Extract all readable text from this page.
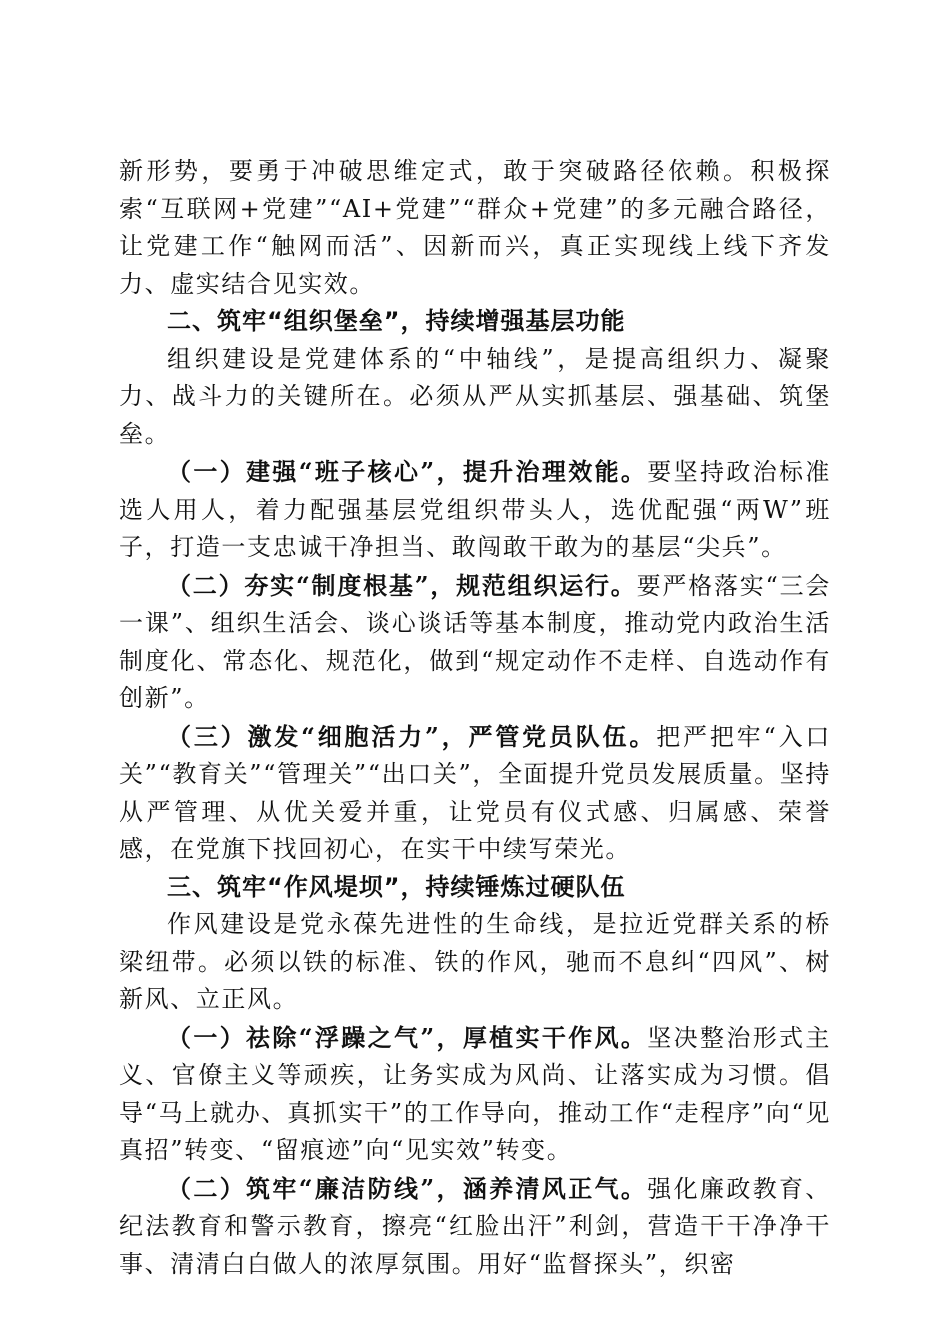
新形势，要勇于冲破思维定式，敢于突破路径依赖。积极探索“互联网+党建”“AI+党建”“群众+党建”的多元融合路径，让党建工作“触网而活”、因新而兴，真正实现线上线下齐发力、虚实结合见实效。

二、筑牢“组织堡垒”，持续增强基层功能

组织建设是党建体系的“中轴线”，是提高组织力、凝聚力、战斗力的关键所在。必须从严从实抓基层、强基础、筑堡垒。

（一）建强“班子核心”，提升治理效能。要坚持政治标准选人用人，着力配强基层党组织带头人，选优配强“两W”班子，打造一支忠诚干净担当、敢闯敢干敢为的基层“尖兵”。

（二）夯实“制度根基”，规范组织运行。要严格落实“三会一课”、组织生活会、谈心谈话等基本制度，推动党内政治生活制度化、常态化、规范化，做到“规定动作不走样、自选动作有创新”。

（三）激发“细胞活力”，严管党员队伍。把严把牢“入口关”“教育关”“管理关”“出口关”，全面提升党员发展质量。坚持从严管理、从优关爱并重，让党员有仪式感、归属感、荣誉感，在党旗下找回初心，在实干中续写荣光。

三、筑牢“作风堤坝”，持续锤炼过硬队伍

作风建设是党永葆先进性的生命线，是拉近党群关系的桥梁纽带。必须以铁的标准、铁的作风，驰而不息纠“四风”、树新风、立正风。

（一）祛除“浮躁之气”，厚植实干作风。坚决整治形式主义、官僚主义等顽疾，让务实成为风尚、让落实成为习惯。倡导“马上就办、真抓实干”的工作导向，推动工作“走程序”向“见真招”转变、“留痕迹”向“见实效”转变。

（二）筑牢“廉洁防线”，涵养清风正气。强化廉政教育、纪法教育和警示教育，擦亮“红脸出汗”利剑，营造干干净净干事、清清白白做人的浓厚氛围。用好“监督探头”，织密
